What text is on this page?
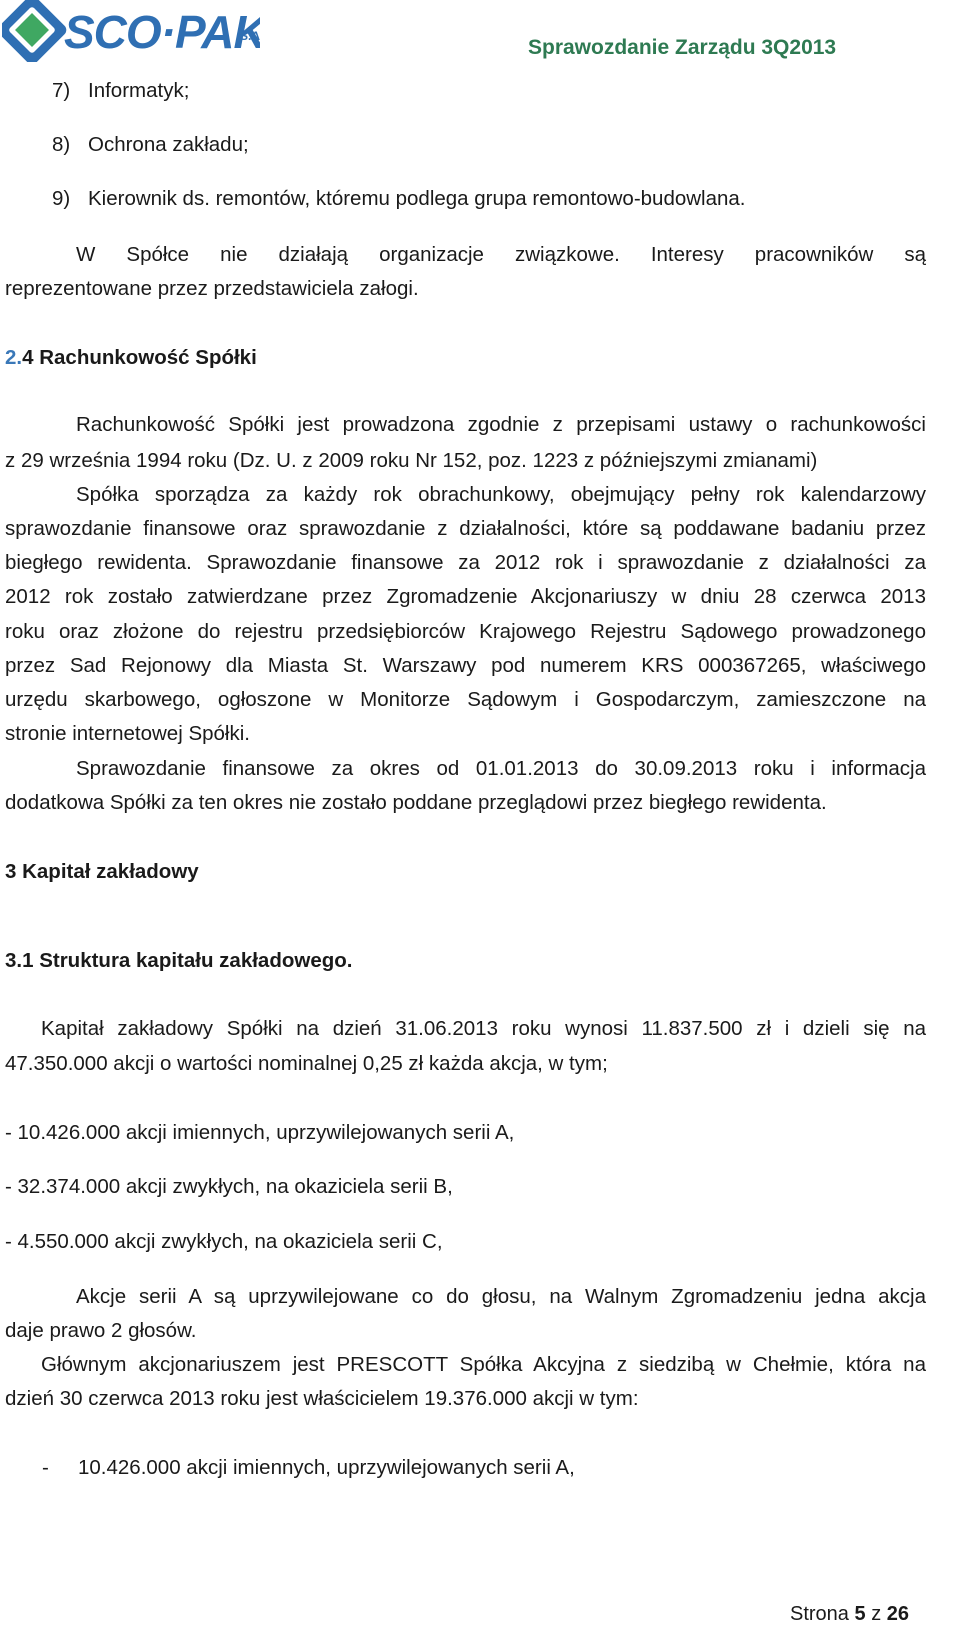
SCO·PAK
S.A	Sprawozdanie Zarządu 3Q2013
7) Informatyk;
8) Ochrona zakładu;
9) Kierownik ds. remontów, któremu podlega grupa remontowo-budowlana.
W Spółce nie działają organizacje związkowe. Interesy pracowników są
reprezentowane przez przedstawiciela załogi.
2.4 Rachunkowość Spółki
Rachunkowość Spółki jest prowadzona zgodnie z przepisami ustawy o rachunkowości
z 29 września 1994 roku (Dz. U. z 2009 roku Nr 152, poz. 1223 z późniejszymi zmianami)
Spółka sporządza za każdy rok obrachunkowy, obejmujący pełny rok kalendarzowy
sprawozdanie finansowe oraz sprawozdanie z działalności, które są poddawane badaniu przez
biegłego rewidenta. Sprawozdanie finansowe za 2012 rok i sprawozdanie z działalności za
2012 rok zostało zatwierdzane przez Zgromadzenie Akcjonariuszy w dniu 28 czerwca 2013
roku oraz złożone do rejestru przedsiębiorców Krajowego Rejestru Sądowego prowadzonego
przez Sad Rejonowy dla Miasta St. Warszawy pod numerem KRS 000367265, właściwego
urzędu skarbowego, ogłoszone w Monitorze Sądowym i Gospodarczym, zamieszczone na
stronie internetowej Spółki.
Sprawozdanie finansowe za okres od 01.01.2013 do 30.09.2013 roku i informacja
dodatkowa Spółki za ten okres nie zostało poddane przeglądowi przez biegłego rewidenta.
3 Kapitał zakładowy
3.1 Struktura kapitału zakładowego.
Kapitał zakładowy Spółki na dzień 31.06.2013 roku wynosi 11.837.500 zł i dzieli się na
47.350.000 akcji o wartości nominalnej 0,25 zł każda akcja, w tym;
- 10.426.000 akcji imiennych, uprzywilejowanych serii A,
- 32.374.000 akcji zwykłych, na okaziciela serii B,
- 4.550.000 akcji zwykłych, na okaziciela serii C,
Akcje serii A są uprzywilejowane co do głosu, na Walnym Zgromadzeniu jedna akcja
daje prawo 2 głosów.
Głównym akcjonariuszem jest PRESCOTT Spółka Akcyjna z siedzibą w Chełmie, która na
dzień 30 czerwca 2013 roku jest właścicielem 19.376.000 akcji w tym:
- 10.426.000 akcji imiennych, uprzywilejowanych serii A,
Strona 5 z 26
